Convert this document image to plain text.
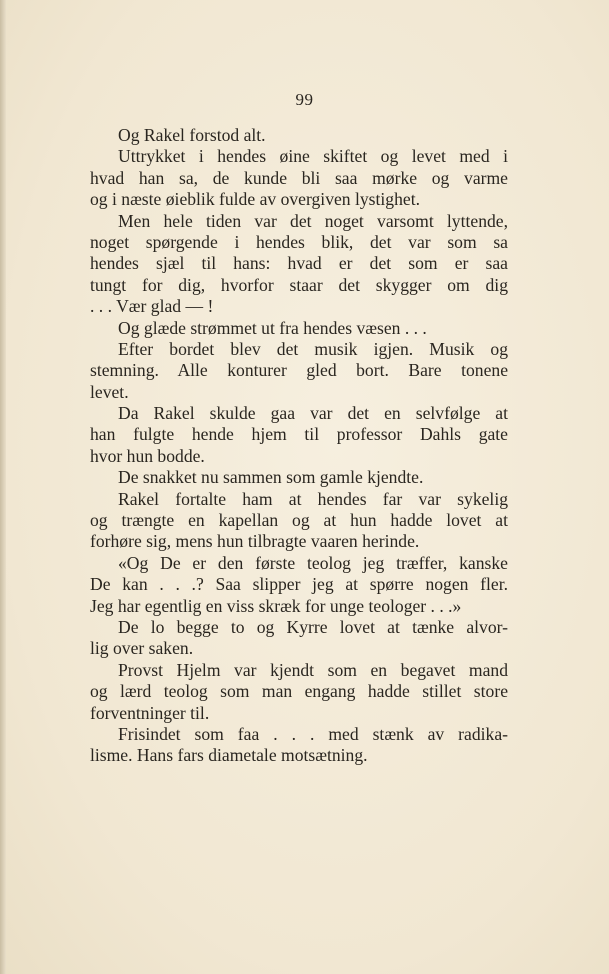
99
Og Rakel forstod alt.
Uttrykket i hendes øine skiftet og levet med i
hvad han sa, de kunde bli saa mørke og varme
og i næste øieblik fulde av overgiven lystighet.
Men hele tiden var det noget varsomt lyttende,
noget spørgende i hendes blik, det var som sa
hendes sjæl til hans: hvad er det som er saa
tungt for dig, hvorfor staar det skygger om dig
. . . Vær glad — !
Og glæde strømmet ut fra hendes væsen . . .
Efter bordet blev det musik igjen. Musik og
stemning. Alle konturer gled bort. Bare tonene
levet.
Da Rakel skulde gaa var det en selvfølge at
han fulgte hende hjem til professor Dahls gate
hvor hun bodde.
De snakket nu sammen som gamle kjendte.
Rakel fortalte ham at hendes far var sykelig
og trængte en kapellan og at hun hadde lovet at
forhøre sig, mens hun tilbragte vaaren herinde.
«Og De er den første teolog jeg træffer, kanske
De kan . . .? Saa slipper jeg at spørre nogen fler.
Jeg har egentlig en viss skræk for unge teologer . . .»
De lo begge to og Kyrre lovet at tænke alvor-
lig over saken.
Provst Hjelm var kjendt som en begavet mand
og lærd teolog som man engang hadde stillet store
forventninger til.
Frisindet som faa . . . med stænk av radika-
lisme. Hans fars diametale motsætning.
